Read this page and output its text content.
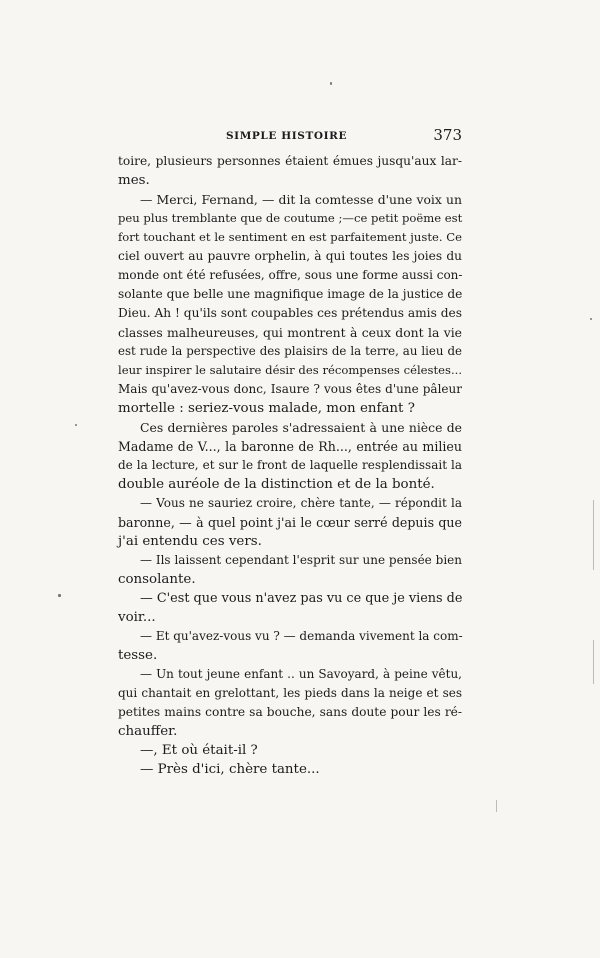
SIMPLE HISTOIRE	373
toire, plusieurs personnes étaient émues jusqu'aux lar-
mes.
— Merci, Fernand, — dit la comtesse d'une voix un
peu plus tremblante que de coutume ;—ce petit poëme est
fort touchant et le sentiment en est parfaitement juste. Ce
ciel ouvert au pauvre orphelin, à qui toutes les joies du
monde ont été refusées, offre, sous une forme aussi con-
solante que belle une magnifique image de la justice de
Dieu. Ah ! qu'ils sont coupables ces prétendus amis des
classes malheureuses, qui montrent à ceux dont la vie
est rude la perspective des plaisirs de la terre, au lieu de
leur inspirer le salutaire désir des récompenses célestes...
Mais qu'avez-vous donc, Isaure ? vous êtes d'une pâleur
mortelle : seriez-vous malade, mon enfant ?
Ces dernières paroles s'adressaient à une nièce de
Madame de V..., la baronne de Rh..., entrée au milieu
de la lecture, et sur le front de laquelle resplendissait la
double auréole de la distinction et de la bonté.
— Vous ne sauriez croire, chère tante, — répondit la
baronne, — à quel point j'ai le cœur serré depuis que
j'ai entendu ces vers.
— Ils laissent cependant l'esprit sur une pensée bien
consolante.
— C'est que vous n'avez pas vu ce que je viens de
voir...
— Et qu'avez-vous vu ? — demanda vivement la com-
tesse.
— Un tout jeune enfant .. un Savoyard, à peine vêtu,
qui chantait en grelottant, les pieds dans la neige et ses
petites mains contre sa bouche, sans doute pour les ré-
chauffer.
—, Et où était-il ?
— Près d'ici, chère tante...
